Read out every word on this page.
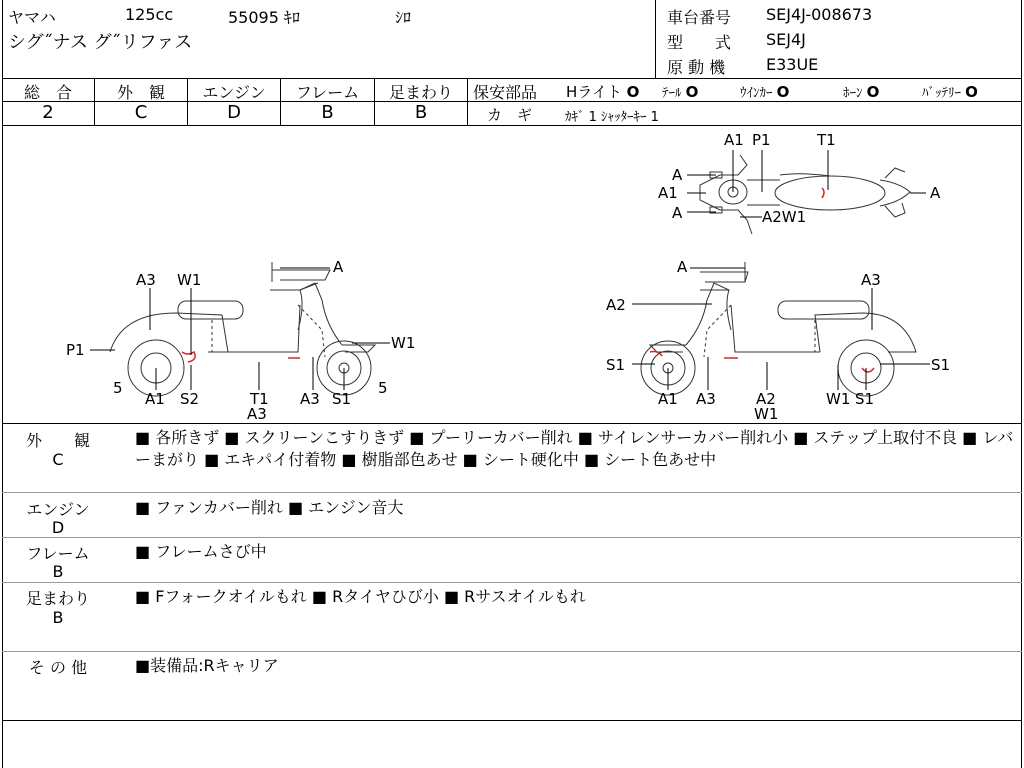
ヤマハ	125cc	55095 ｷﾛ	ｼﾛ
シグ˝ナス グ˝リファス
車台番号 SEJ4J-008673
型　　式 SEJ4J
原 動 機	E33UE
総　合	外　観	エンジン	フレーム	足まわり
2	C	D	B	B
保安部品 Hライト O ﾃｰﾙ O	ｳｲﾝｶｰ O	ﾎｰﾝ O	ﾊﾞｯﾃﾘｰ O
カ　ギ	ｶｷﾞ 1 ｼｬｯﾀｰｷｰ 1
A1 P1	T1
A
A1	A
A	A2W1
A3 W1
A
P1	W1
5	5
A1 S2	T1
A3
A3 S1
A
A3
A2
S1	S1
A1 A3	A2
W1
W1 S1
外　　観
C
■ 各所きず ■ スクリーンこすりきず ■ プーリーカバー削れ ■ サイレンサーカバー削れ小 ■ ステップ上取付不良 ■ レバーまがり ■ エキパイ付着物 ■ 樹脂部色あせ ■ シート硬化中 ■ シート色あせ中
エンジン
D
■ ファンカバー削れ ■ エンジン音大
フレーム
B
■ フレームさび中
足まわり
B
■ Fフォークオイルもれ ■ Rタイヤひび小 ■ Rサスオイルもれ
そ の 他	■装備品:Rキャリア
